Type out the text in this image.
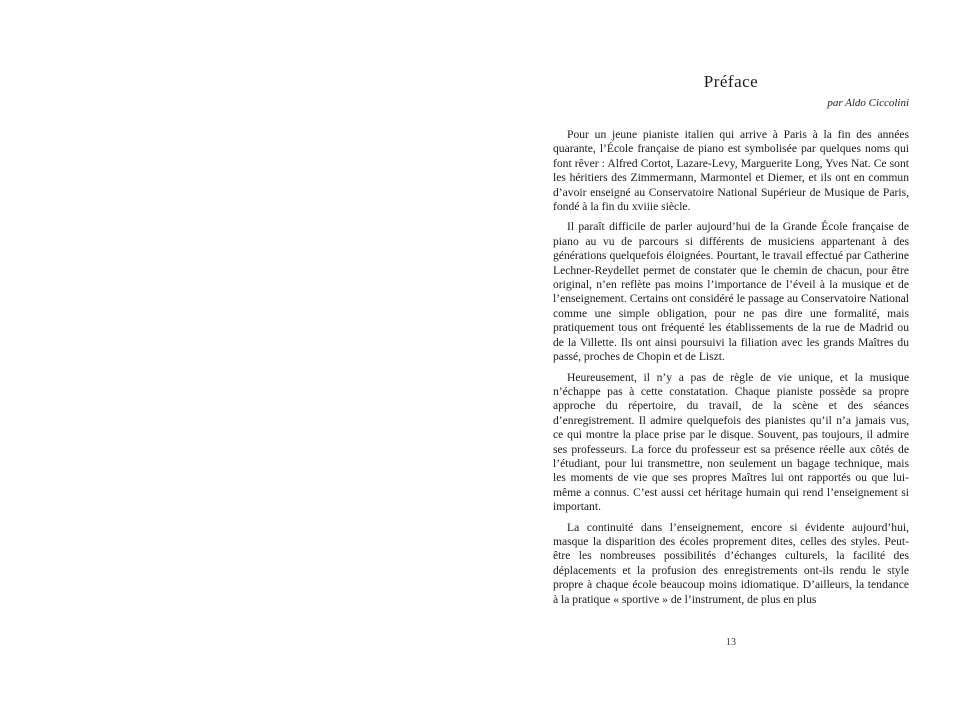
Préface

par Aldo Ciccolini

Pour un jeune pianiste italien qui arrive à Paris à la fin des années quarante, l’École française de piano est symbolisée par quelques noms qui font rêver : Alfred Cortot, Lazare-Levy, Marguerite Long, Yves Nat. Ce sont les héritiers des Zimmermann, Marmontel et Diemer, et ils ont en commun d’avoir enseigné au Conservatoire National Supérieur de Musique de Paris, fondé à la fin du xviiie siècle.

Il paraît difficile de parler aujourd’hui de la Grande École française de piano au vu de parcours si différents de musiciens appartenant à des générations quelquefois éloignées. Pourtant, le travail effectué par Catherine Lechner-Reydellet permet de constater que le chemin de chacun, pour être original, n’en reflète pas moins l’importance de l’éveil à la musique et de l’enseignement. Certains ont considéré le passage au Conservatoire National comme une simple obligation, pour ne pas dire une formalité, mais pratiquement tous ont fréquenté les établissements de la rue de Madrid ou de la Villette. Ils ont ainsi poursuivi la filiation avec les grands Maîtres du passé, proches de Chopin et de Liszt.

Heureusement, il n’y a pas de règle de vie unique, et la musique n’échappe pas à cette constatation. Chaque pianiste possède sa propre approche du répertoire, du travail, de la scène et des séances d’enregistrement. Il admire quelquefois des pianistes qu’il n’a jamais vus, ce qui montre la place prise par le disque. Souvent, pas toujours, il admire ses professeurs. La force du professeur est sa présence réelle aux côtés de l’étudiant, pour lui transmettre, non seulement un bagage technique, mais les moments de vie que ses propres Maîtres lui ont rapportés ou que lui-même a connus. C’est aussi cet héritage humain qui rend l’enseignement si important.

La continuité dans l’enseignement, encore si évidente aujourd’hui, masque la disparition des écoles proprement dites, celles des styles. Peut-être les nombreuses possibilités d’échanges culturels, la facilité des déplacements et la profusion des enregistrements ont-ils rendu le style propre à chaque école beaucoup moins idiomatique. D’ailleurs, la tendance à la pratique « sportive » de l’instrument, de plus en plus

13
